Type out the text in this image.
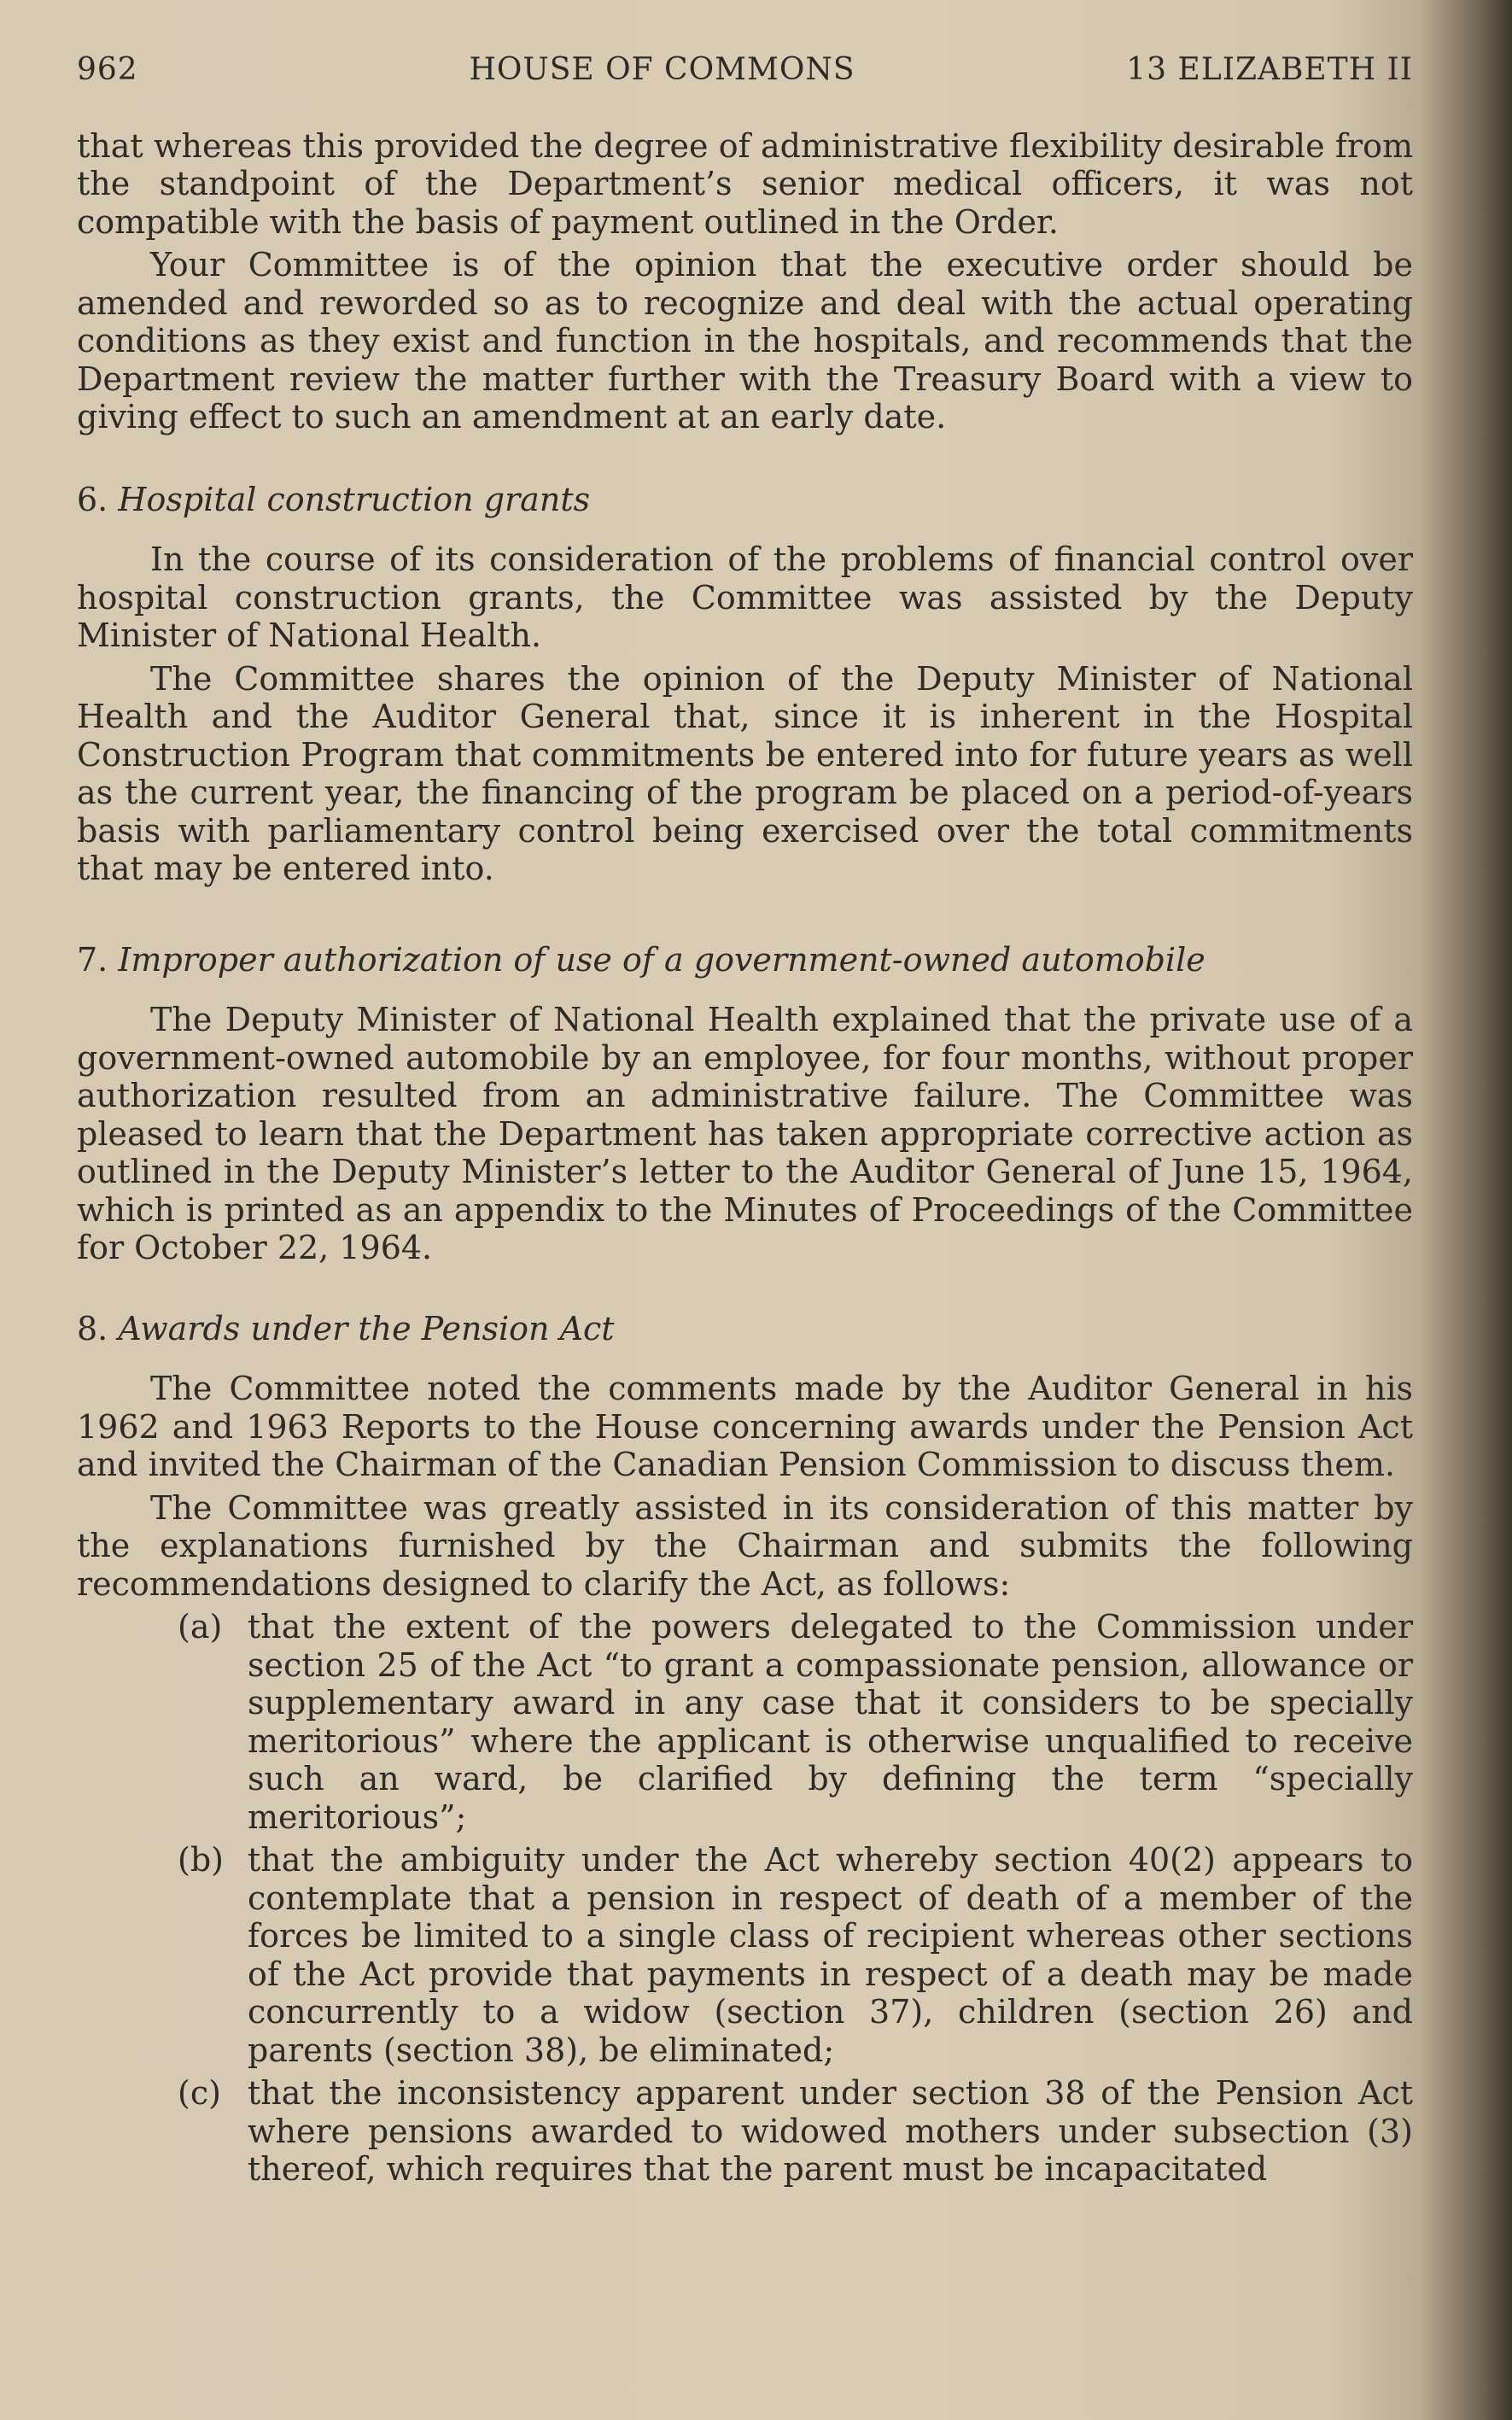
962	HOUSE OF COMMONS	13 ELIZABETH II

that whereas this provided the degree of administrative flexibility desirable from the standpoint of the Department’s senior medical officers, it was not compatible with the basis of payment outlined in the Order.

Your Committee is of the opinion that the executive order should be amended and reworded so as to recognize and deal with the actual operating conditions as they exist and function in the hospitals, and recommends that the Department review the matter further with the Treasury Board with a view to giving effect to such an amendment at an early date.

6. Hospital construction grants

In the course of its consideration of the problems of financial control over hospital construction grants, the Committee was assisted by the Deputy Minister of National Health.

The Committee shares the opinion of the Deputy Minister of National Health and the Auditor General that, since it is inherent in the Hospital Construction Program that commitments be entered into for future years as well as the current year, the financing of the program be placed on a period-of-years basis with parliamentary control being exercised over the total commitments that may be entered into.

7. Improper authorization of use of a government-owned automobile

The Deputy Minister of National Health explained that the private use of a government-owned automobile by an employee, for four months, without proper authorization resulted from an administrative failure. The Committee was pleased to learn that the Department has taken appropriate corrective action as outlined in the Deputy Minister’s letter to the Auditor General of June 15, 1964, which is printed as an appendix to the Minutes of Proceedings of the Committee for October 22, 1964.

8. Awards under the Pension Act

The Committee noted the comments made by the Auditor General in his 1962 and 1963 Reports to the House concerning awards under the Pension Act and invited the Chairman of the Canadian Pension Commission to discuss them.

The Committee was greatly assisted in its consideration of this matter by the explanations furnished by the Chairman and submits the following recommendations designed to clarify the Act, as follows:

(a) that the extent of the powers delegated to the Commission under section 25 of the Act “to grant a compassionate pension, allowance or supplementary award in any case that it considers to be specially meritorious” where the applicant is otherwise unqualified to receive such an ward, be clarified by defining the term “specially meritorious”;
(b) that the ambiguity under the Act whereby section 40(2) appears to contemplate that a pension in respect of death of a member of the forces be limited to a single class of recipient whereas other sections of the Act provide that payments in respect of a death may be made concurrently to a widow (section 37), children (section 26) and parents (section 38), be eliminated;
(c) that the inconsistency apparent under section 38 of the Pension Act where pensions awarded to widowed mothers under subsection (3) thereof, which requires that the parent must be incapacitated
